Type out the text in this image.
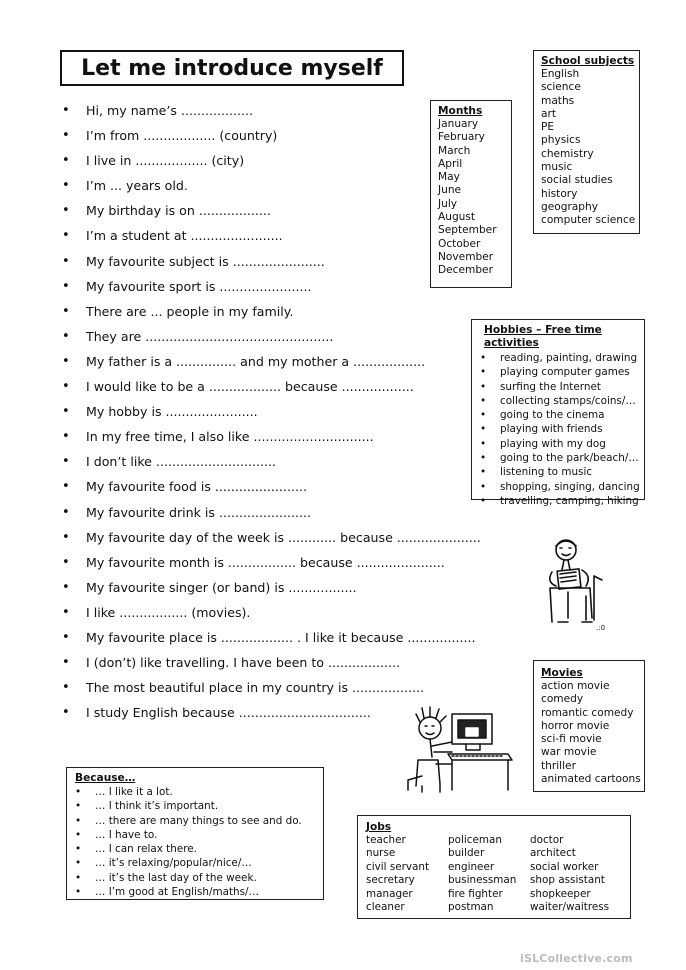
Let me introduce myself
• Hi, my name’s ..................
• I’m from .................. (country)
• I live in .................. (city)
• I’m ... years old.
• My birthday is on ..................
• I’m a student at .......................
• My favourite subject is .......................
• My favourite sport is .......................
• There are ... people in my family.
• They are ...............................................
• My father is a ............... and my mother a ..................
• I would like to be a .................. because ..................
• My hobby is .......................
• In my free time, I also like ..............................
• I don’t like ..............................
• My favourite food is .......................
• My favourite drink is .......................
• My favourite day of the week is ............ because .....................
• My favourite month is ................. because ......................
• My favourite singer (or band) is .................
• I like ................. (movies).
• My favourite place is .................. . I like it because .................
• I (don’t) like travelling. I have been to ..................
• The most beautiful place in my country is ..................
• I study English because .................................
Months
January
February
March
April
May
June
July
August
September
October
November
December
School subjects
English
science
maths
art
PE
physics
chemistry
music
social studies
history
geography
computer science
Hobbies – Free time activities
• reading, painting, drawing
• playing computer games
• surfing the Internet
• collecting stamps/coins/…
• going to the cinema
• playing with friends
• playing with my dog
• going to the park/beach/…
• listening to music
• shopping, singing, dancing
• travelling, camping, hiking
.:0
Movies
action movie
comedy
romantic comedy
horror movie
sci-fi movie
war movie
thriller
animated cartoons
Because…
• … I like it a lot.
• … I think it’s important.
• … there are many things to see and do.
• … I have to.
• … I can relax there.
• … it’s relaxing/popular/nice/…
• … it’s the last day of the week.
• … I’m good at English/maths/…
Jobs
teacher	policeman	doctor
nurse	builder	architect
civil servant	engineer	social worker
secretary	businessman	shop assistant
manager	fire fighter	shopkeeper
cleaner	postman	waiter/waitress
iSLCollective.com
